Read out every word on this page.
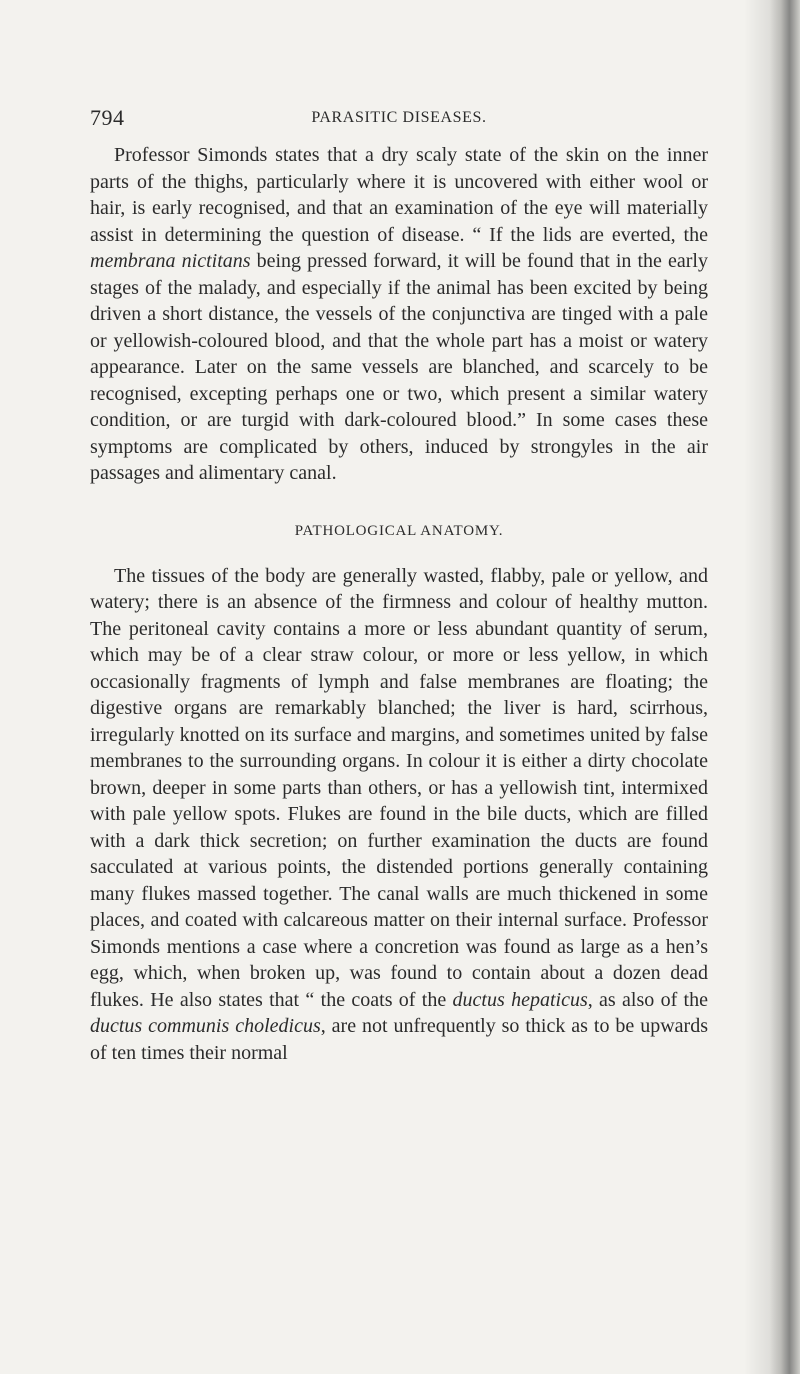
794	PARASITIC DISEASES.

Professor Simonds states that a dry scaly state of the skin on the inner parts of the thighs, particularly where it is uncovered with either wool or hair, is early recognised, and that an examination of the eye will materially assist in determining the question of disease. “ If the lids are everted, the membrana nictitans being pressed forward, it will be found that in the early stages of the malady, and especially if the animal has been excited by being driven a short distance, the vessels of the conjunctiva are tinged with a pale or yellowish-coloured blood, and that the whole part has a moist or watery appearance. Later on the same vessels are blanched, and scarcely to be recognised, excepting perhaps one or two, which present a similar watery condition, or are turgid with dark-coloured blood.” In some cases these symptoms are complicated by others, induced by strongyles in the air passages and alimentary canal.

PATHOLOGICAL ANATOMY.

The tissues of the body are generally wasted, flabby, pale or yellow, and watery; there is an absence of the firmness and colour of healthy mutton. The peritoneal cavity contains a more or less abundant quantity of serum, which may be of a clear straw colour, or more or less yellow, in which occasionally fragments of lymph and false membranes are floating; the digestive organs are remarkably blanched; the liver is hard, scirrhous, irregularly knotted on its surface and margins, and sometimes united by false membranes to the surrounding organs. In colour it is either a dirty chocolate brown, deeper in some parts than others, or has a yellowish tint, intermixed with pale yellow spots. Flukes are found in the bile ducts, which are filled with a dark thick secretion; on further examination the ducts are found sacculated at various points, the distended portions generally containing many flukes massed together. The canal walls are much thickened in some places, and coated with calcareous matter on their internal surface. Professor Simonds mentions a case where a concretion was found as large as a hen’s egg, which, when broken up, was found to contain about a dozen dead flukes. He also states that “ the coats of the ductus hepaticus, as also of the ductus communis choledicus, are not unfrequently so thick as to be upwards of ten times their normal
